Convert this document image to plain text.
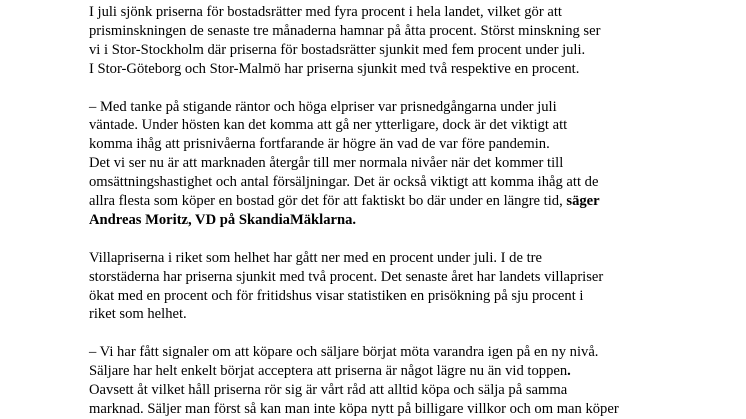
I juli sjönk priserna för bostadsrätter med fyra procent i hela landet, vilket gör att
prisminskningen de senaste tre månaderna hamnar på åtta procent. Störst minskning ser
vi i Stor-Stockholm där priserna för bostadsrätter sjunkit med fem procent under juli.
I Stor-Göteborg och Stor-Malmö har priserna sjunkit med två respektive en procent.
– Med tanke på stigande räntor och höga elpriser var prisnedgångarna under juli
väntade. Under hösten kan det komma att gå ner ytterligare, dock är det viktigt att
komma ihåg att prisnivåerna fortfarande är högre än vad de var före pandemin.
Det vi ser nu är att marknaden återgår till mer normala nivåer när det kommer till
omsättningshastighet och antal försäljningar. Det är också viktigt att komma ihåg att de
allra flesta som köper en bostad gör det för att faktiskt bo där under en längre tid, säger
Andreas Moritz, VD på SkandiaMäklarna.
Villapriserna i riket som helhet har gått ner med en procent under juli. I de tre
storstäderna har priserna sjunkit med två procent. Det senaste året har landets villapriser
ökat med en procent och för fritidshus visar statistiken en prisökning på sju procent i
riket som helhet.
– Vi har fått signaler om att köpare och säljare börjat möta varandra igen på en ny nivå.
Säljare har helt enkelt börjat acceptera att priserna är något lägre nu än vid toppen.
Oavsett åt vilket håll priserna rör sig är vårt råd att alltid köpa och sälja på samma
marknad. Säljer man först så kan man inte köpa nytt på billigare villkor och om man köper
